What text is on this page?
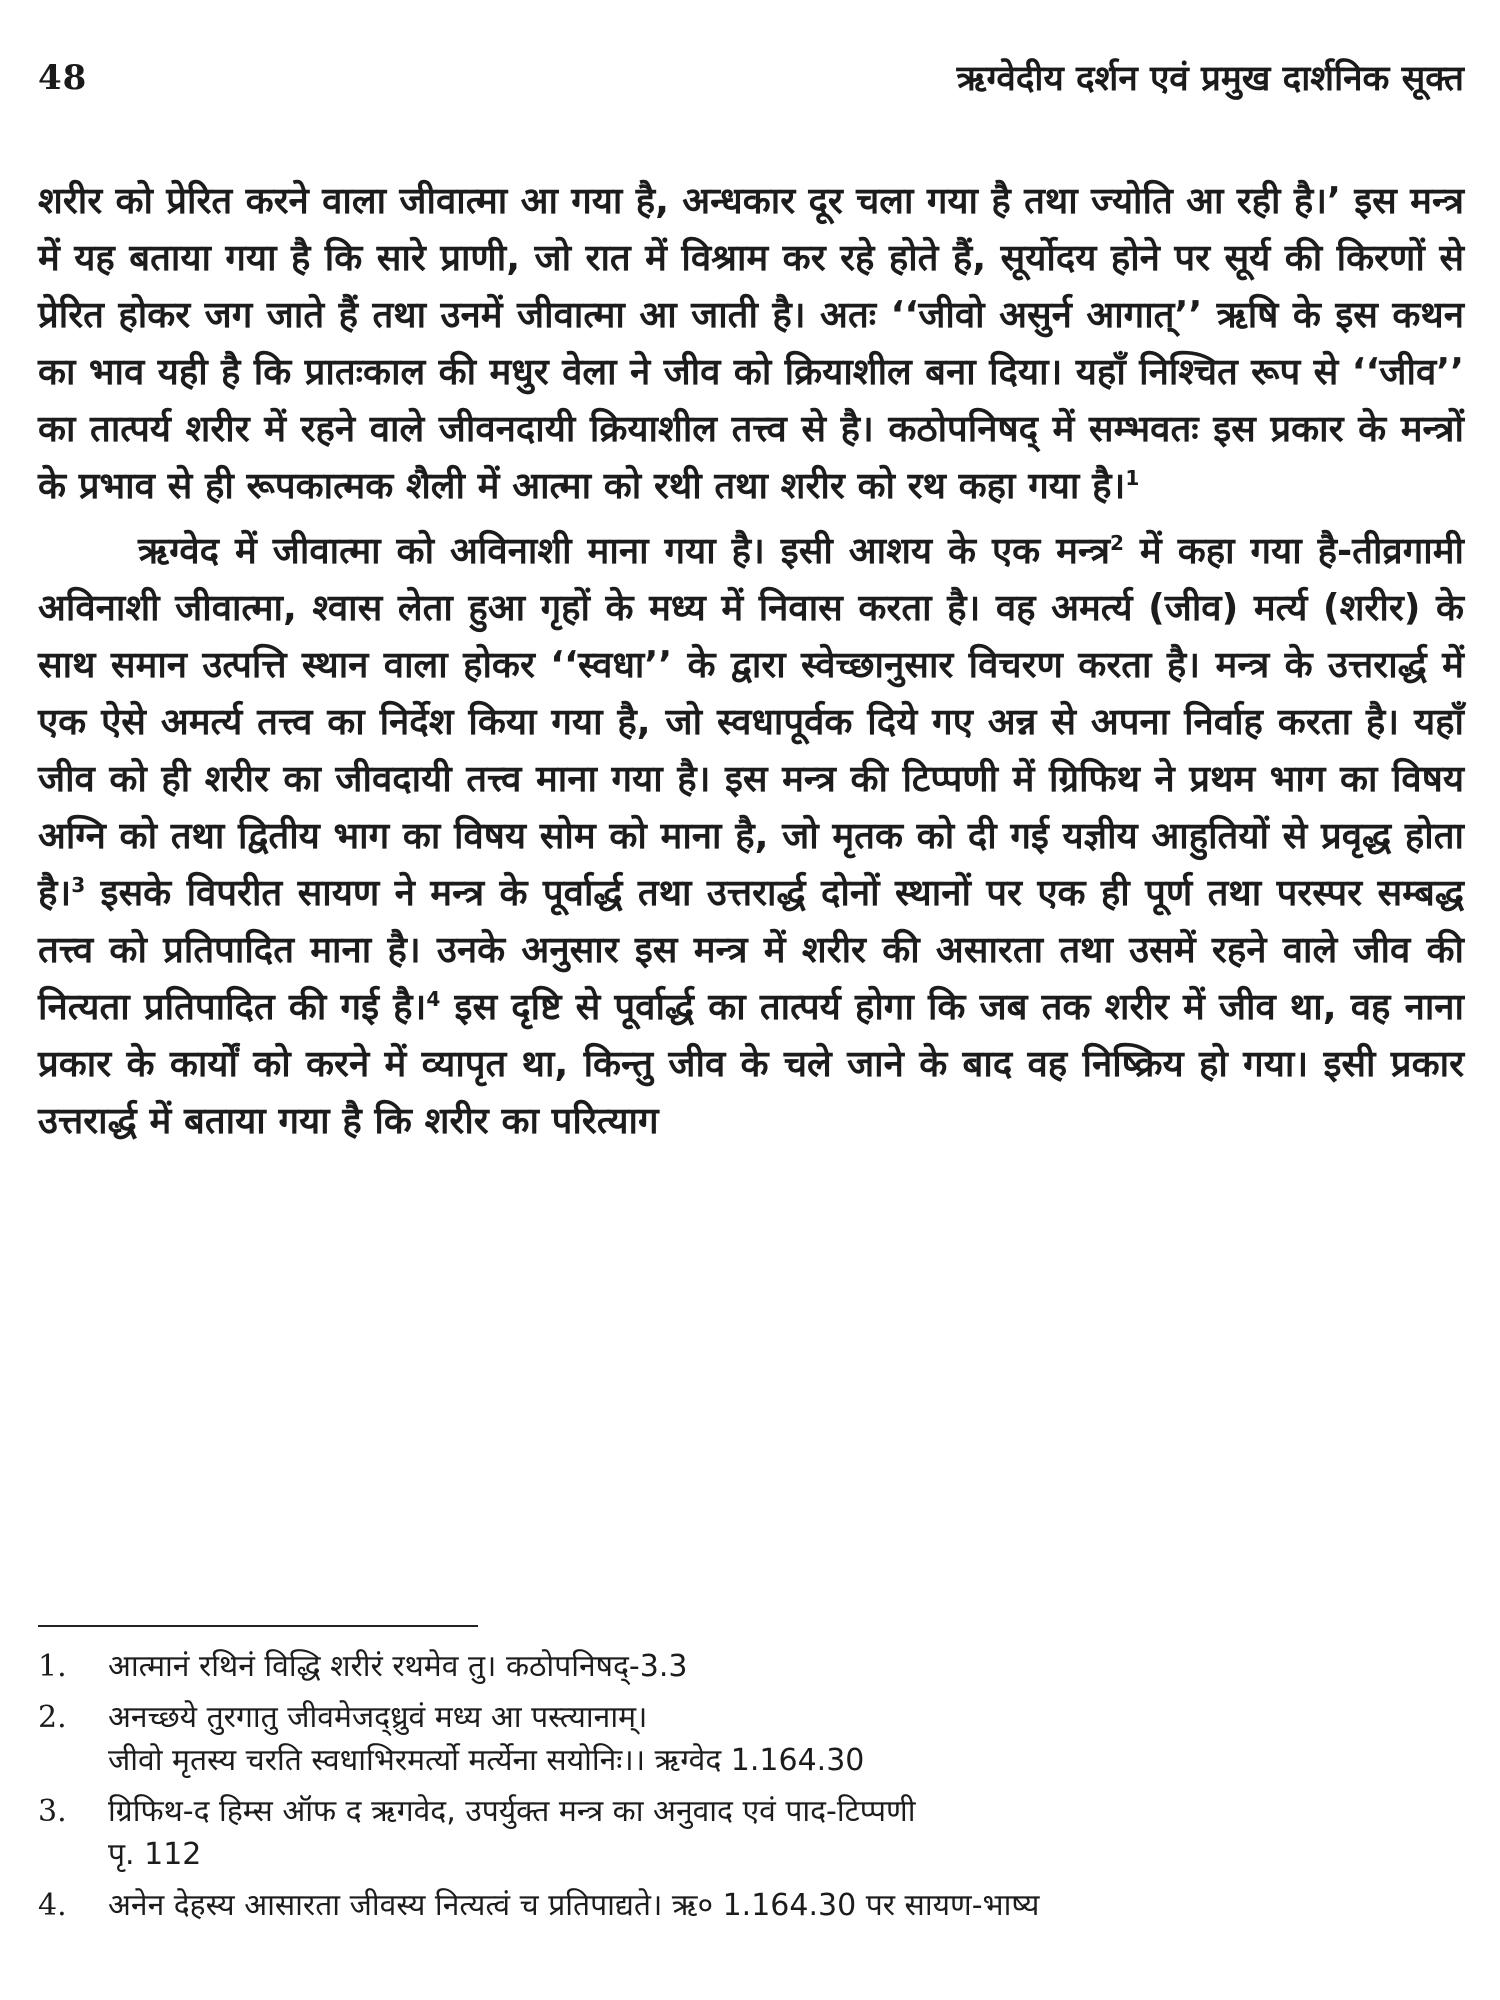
48	ऋग्वेदीय दर्शन एवं प्रमुख दार्शनिक सूक्त

शरीर को प्रेरित करने वाला जीवात्मा आ गया है, अन्धकार दूर चला गया है तथा ज्योति आ रही है।’ इस मन्त्र में यह बताया गया है कि सारे प्राणी, जो रात में विश्राम कर रहे होते हैं, सूर्योदय होने पर सूर्य की किरणों से प्रेरित होकर जग जाते हैं तथा उनमें जीवात्मा आ जाती है। अतः ‘‘जीवो असुर्न आगात्’’ ऋषि के इस कथन का भाव यही है कि प्रातःकाल की मधुर वेला ने जीव को क्रियाशील बना दिया। यहाँ निश्चित रूप से ‘‘जीव’’ का तात्पर्य शरीर में रहने वाले जीवनदायी क्रियाशील तत्त्व से है। कठोपनिषद् में सम्भवतः इस प्रकार के मन्त्रों के प्रभाव से ही रूपकात्मक शैली में आत्मा को रथी तथा शरीर को रथ कहा गया है।$^1$

ऋग्वेद में जीवात्मा को अविनाशी माना गया है। इसी आशय के एक मन्त्र$^2$ में कहा गया है-तीव्रगामी अविनाशी जीवात्मा, श्वास लेता हुआ गृहों के मध्य में निवास करता है। वह अमर्त्य (जीव) मर्त्य (शरीर) के साथ समान उत्पत्ति स्थान वाला होकर ‘‘स्वधा’’ के द्वारा स्वेच्छानुसार विचरण करता है। मन्त्र के उत्तरार्द्ध में एक ऐसे अमर्त्य तत्त्व का निर्देश किया गया है, जो स्वधापूर्वक दिये गए अन्न से अपना निर्वाह करता है। यहाँ जीव को ही शरीर का जीवदायी तत्त्व माना गया है। इस मन्त्र की टिप्पणी में ग्रिफिथ ने प्रथम भाग का विषय अग्नि को तथा द्वितीय भाग का विषय सोम को माना है, जो मृतक को दी गई यज्ञीय आहुतियों से प्रवृद्ध होता है।$^3$ इसके विपरीत सायण ने मन्त्र के पूर्वार्द्ध तथा उत्तरार्द्ध दोनों स्थानों पर एक ही पूर्ण तथा परस्पर सम्बद्ध तत्त्व को प्रतिपादित माना है। उनके अनुसार इस मन्त्र में शरीर की असारता तथा उसमें रहने वाले जीव की नित्यता प्रतिपादित की गई है।$^4$ इस दृष्टि से पूर्वार्द्ध का तात्पर्य होगा कि जब तक शरीर में जीव था, वह नाना प्रकार के कार्यों को करने में व्यापृत था, किन्तु जीव के चले जाने के बाद वह निष्क्रिय हो गया। इसी प्रकार उत्तरार्द्ध में बताया गया है कि शरीर का परित्याग

1.	आत्मानं रथिनं विद्धि शरीरं रथमेव तु। कठोपनिषद्-3.3
2.	अनच्छये तुरगातु जीवमेजद्ध्रुवं मध्य आ पस्त्यानाम्।
जीवो मृतस्य चरति स्वधाभिरमर्त्यो मर्त्येना सयोनिः।। ऋग्वेद 1.164.30
3.	ग्रिफिथ-द हिम्स ऑफ द ऋगवेद, उपर्युक्त मन्त्र का अनुवाद एवं पाद-टिप्पणी
पृ. 112
4.	अनेन देहस्य आसारता जीवस्य नित्यत्वं च प्रतिपाद्यते। ऋ० 1.164.30 पर सायण-भाष्य
